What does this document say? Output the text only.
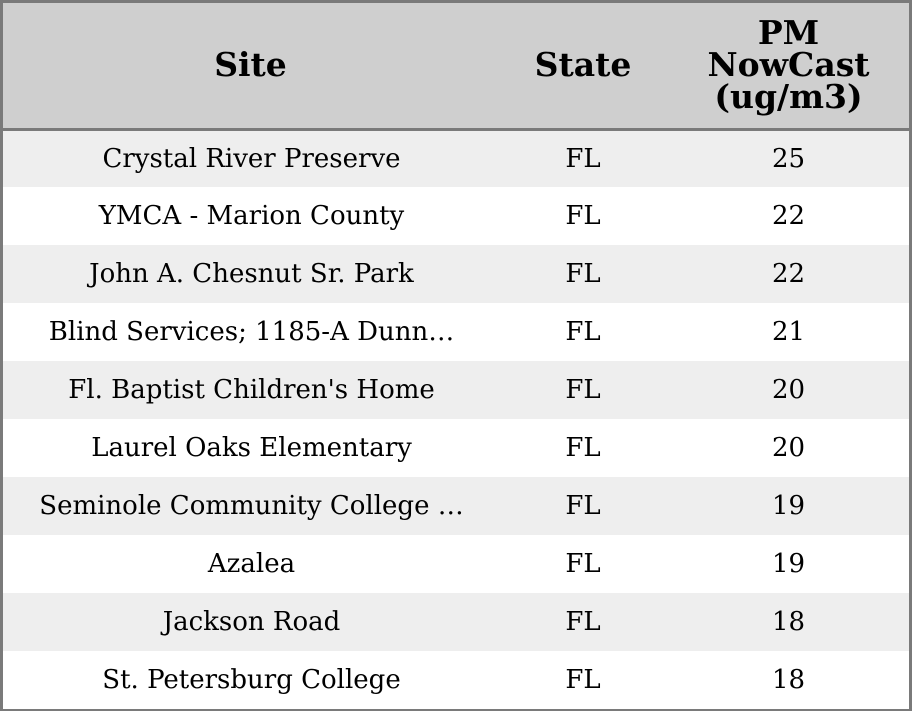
Site	State	PM
NowCast
(ug/m3)

Crystal River Preserve	FL	25
YMCA - Marion County	FL	22
John A. Chesnut Sr. Park	FL	22
Blind Services; 1185-A Dunn…	FL	21
Fl. Baptist Children's Home	FL	20
Laurel Oaks Elementary	FL	20
Seminole Community College …	FL	19
Azalea	FL	19
Jackson Road	FL	18
St. Petersburg College	FL	18
